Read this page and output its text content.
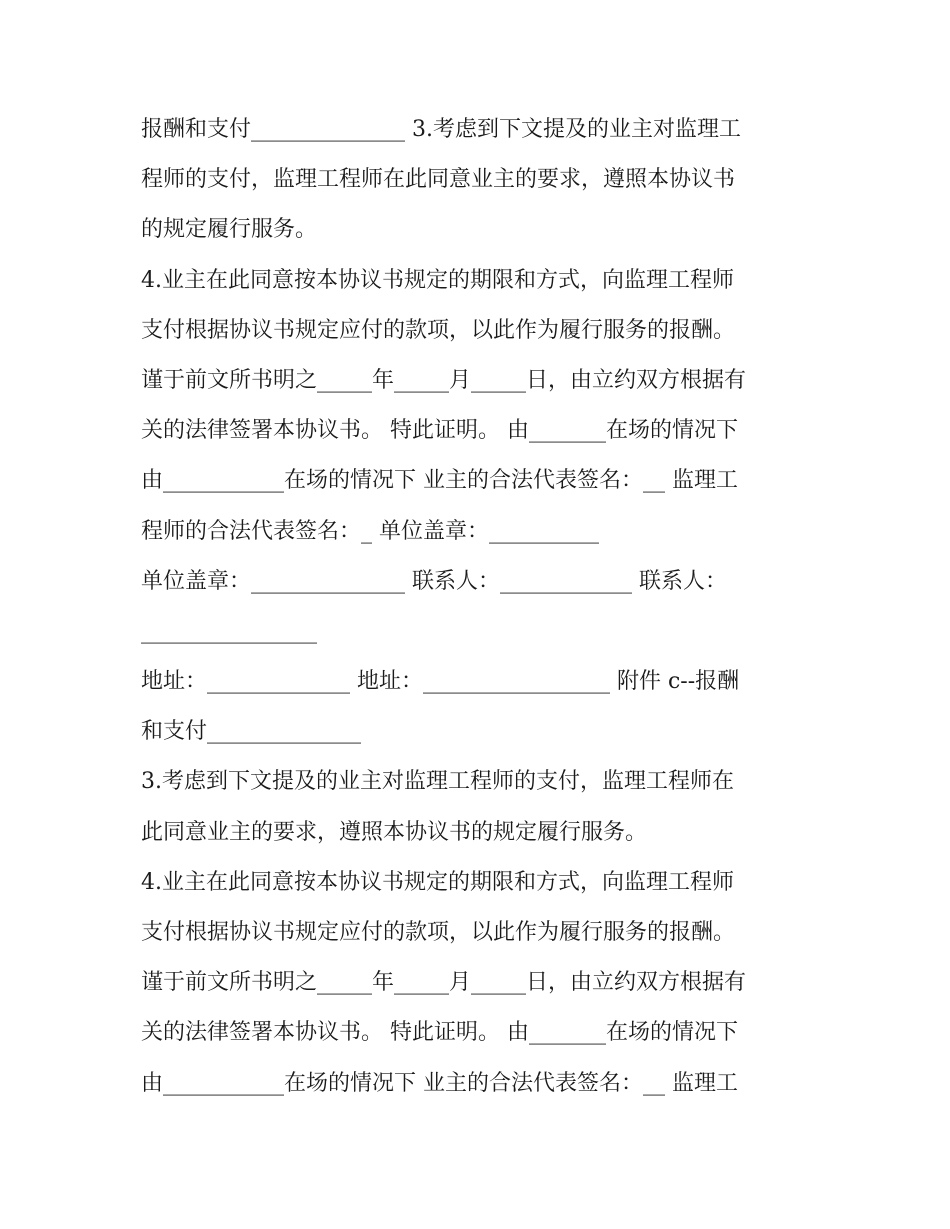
报酬和支付______________ 3.考虑到下文提及的业主对监理工
程师的支付，监理工程师在此同意业主的要求，遵照本协议书
的规定履行服务。
4.业主在此同意按本协议书规定的期限和方式，向监理工程师
支付根据协议书规定应付的款项，以此作为履行服务的报酬。
谨于前文所书明之_____年_____月_____日，由立约双方根据有
关的法律签署本协议书。 特此证明。 由_______在场的情况下
由___________在场的情况下 业主的合法代表签名：__ 监理工
程师的合法代表签名：_ 单位盖章：__________
单位盖章：______________ 联系人：____________ 联系人：
________________
地址：_____________ 地址：_________________ 附件 c--报酬
和支付______________
3.考虑到下文提及的业主对监理工程师的支付，监理工程师在
此同意业主的要求，遵照本协议书的规定履行服务。
4.业主在此同意按本协议书规定的期限和方式，向监理工程师
支付根据协议书规定应付的款项，以此作为履行服务的报酬。
谨于前文所书明之_____年_____月_____日，由立约双方根据有
关的法律签署本协议书。 特此证明。 由_______在场的情况下
由___________在场的情况下 业主的合法代表签名：__ 监理工
